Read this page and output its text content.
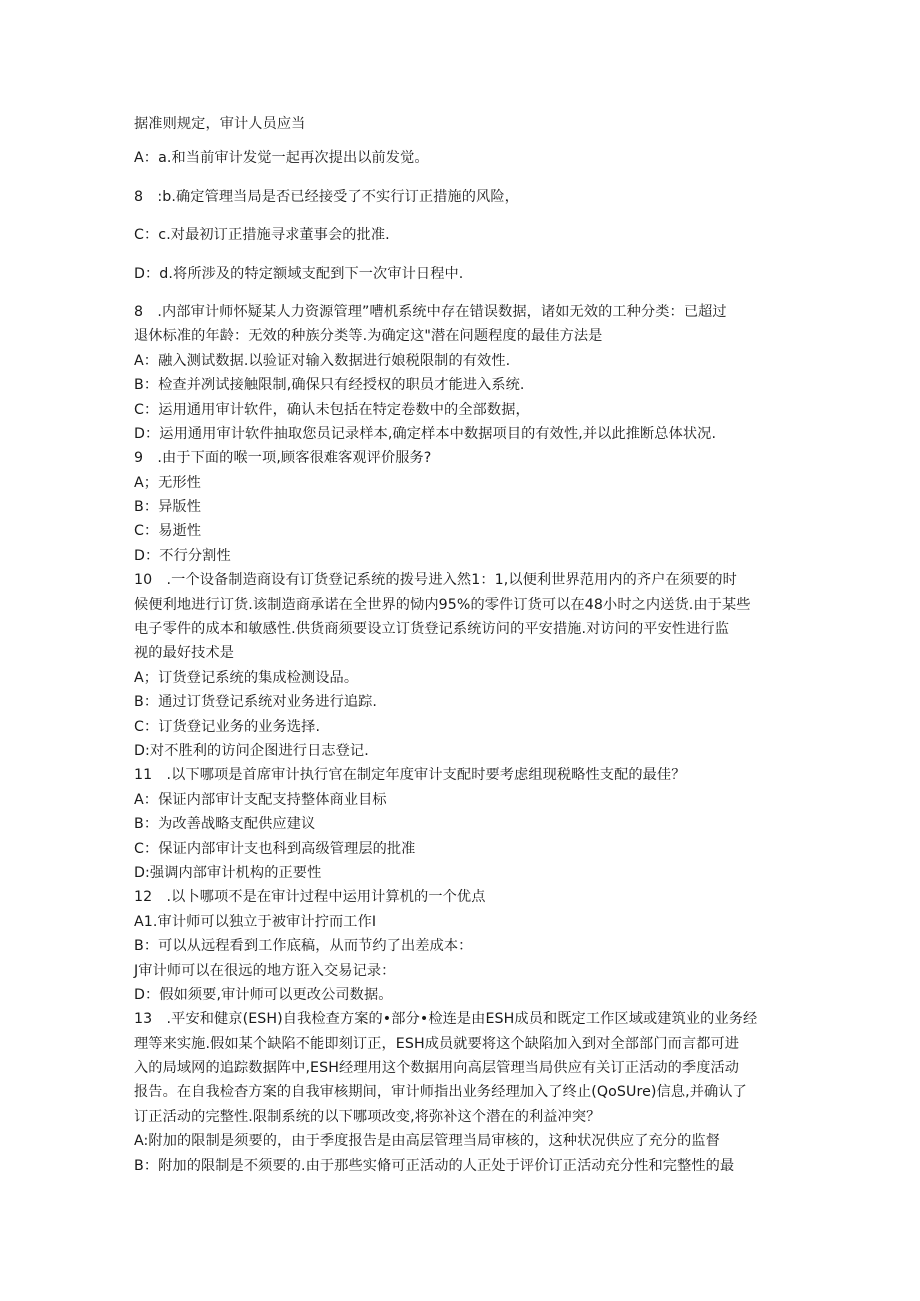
据准则规定，审计人员应当
A：a.和当前审计发觉一起再次提出以前发觉。
8　:b.确定管理当局是否已经接受了不实行订正措施的风险，
C：c.对最初订正措施寻求董事会的批准.
D：d.将所涉及的特定额域支配到下一次审计日程中.
8　.内部审计师怀疑某人力资源管理”嘈机系统中存在错误数据，诸如无效的工种分类：已超过
退休标准的年龄：无效的种族分类等.为确定这"潜在问题程度的最佳方法是
A：融入测试数据.以验证对输入数据进行娘税限制的有效性.
B：检查并冽试接触限制,确保只有经授权的职员才能进入系统.
C：运用通用审计软件，确认未包括在特定卷数中的全部数据，
D：运用通用审计软件抽取您员记录样本,确定样本中数据项目的有效性,并以此推断总体状况.
9　.由于下面的喉一项,顾客很难客观评价服务?
A；无形性
B：异版性
C：易逝性
D：不行分割性
10　.一个设备制造商设有订货登记系统的拨号进入然1：1,以便利世界范用内的齐户在须要的时
候便利地进行订货.该制造商承诺在全世界的恸内95%的零件订货可以在48小时之内送货.由于某些
电子零件的成本和敏感性.供货商须要设立订货登记系统访问的平安措施.对访问的平安性进行监
视的最好技术是
A；订货登记系统的集成检测设品。
B：通过订货登记系统对业务进行追踪.
C：订货登记业务的业务选择.
D:对不胜利的访问企图进行日志登记.
11　.以下哪项是首席审计执行官在制定年度审计支配时要考虑组现税略性支配的最佳？
A：保证内部审计支配支持整体商业目标
B：为改善战略支配供应建议
C：保证内部审计支也科到高级管理层的批准
D:强调内部审计机构的正要性
12　.以卜哪项不是在审计过程中运用计算机的一个优点
A1.审计师可以独立于被审计拧而工作I
B：可以从远程看到工作底稿，从而节约了出差成本：
J审计师可以在很远的地方诳入交易记录：
D：假如须要,审计师可以更改公司数据。
13　.平安和健京(ESH)自我检查方案的•部分•检连是由ESH成员和既定工作区域或建筑业的业务经
理等来实施.假如某个缺陷不能即刻订正，ESH成员就要将这个缺陷加入到对全部部门而言都可进
入的局域网的追踪数据阵中,ESH经理用这个数据用向高层管理当局供应有关订正活动的季度活动
报告。在自我检杳方案的自我审核期间，审计师指出业务经理加入了终止(QoSUre)信息,并确认了
订正活动的完整性.限制系统的以下哪项改变,将弥补这个潜在的利益冲突？
A:附加的限制是须要的，由于季度报告是由高层管理当局审核的，这种状况供应了充分的监督
B：附加的限制是不须要的.由于那些实脩可正活动的人正处于评价订正活动充分性和完整性的最
